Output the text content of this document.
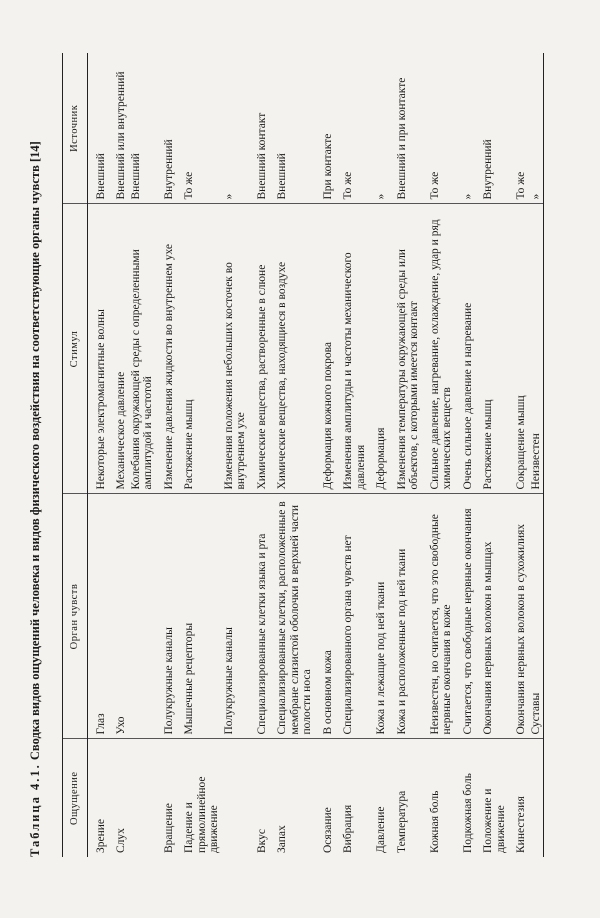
Таблица 4.1. Сводка видов ощущений человека и видов физического воздействия на соответствующие органы чувств [14]
Ощущение	Орган чувств	Стимул	Источник
Зрение	Глаз	Некоторые электромагнитные волны	Внешний
Слух	Ухо	Механическое давление	Внешний или внутренний
		Колебания окружающей среды с определенными амплитудой и частотой	Внешний
Вращение	Полукружные каналы	Изменение давления жидкости во внутреннем ухе	Внутренний
Падение и прямолинейное движение	Мышечные рецепторы	Растяжение мышц	То же
	Полукружные каналы	Изменения положения небольших косточек во внутреннем ухе	»
Вкус	Специализированные клетки языка и рта	Химические вещества, растворенные в слюне	Внешний контакт
Запах	Специализированные клетки, расположенные в мембране слизистой оболочки в верхней части полости носа	Химические вещества, находящиеся в воздухе	Внешний
Осязание	В основном кожа	Деформация кожного покрова	При контакте
Вибрация	Специализированного органа чувств нет	Изменения амплитуды и частоты механического давления	То же
Давление	Кожа и лежащие под ней ткани	Деформация	»
Температура	Кожа и расположенные под ней ткани	Изменения температуры окружающей среды или объектов, с которыми имеется контакт	Внешний и при контакте
Кожная боль	Неизвестен, но считается, что это свободные нервные окончания в коже	Сильное давление, нагревание, охлаждение, удар и ряд химических веществ	То же
Подкожная боль	Считается, что свободные нервные окончания	Очень сильное давление и нагревание	»
Положение и движение	Окончания нервных волокон в мышцах	Растяжение мышц	Внутренний
Кинестезия	Окончания нервных волокон в сухожилиях	Сокращение мышц	То же
	Суставы	Неизвестен	»
